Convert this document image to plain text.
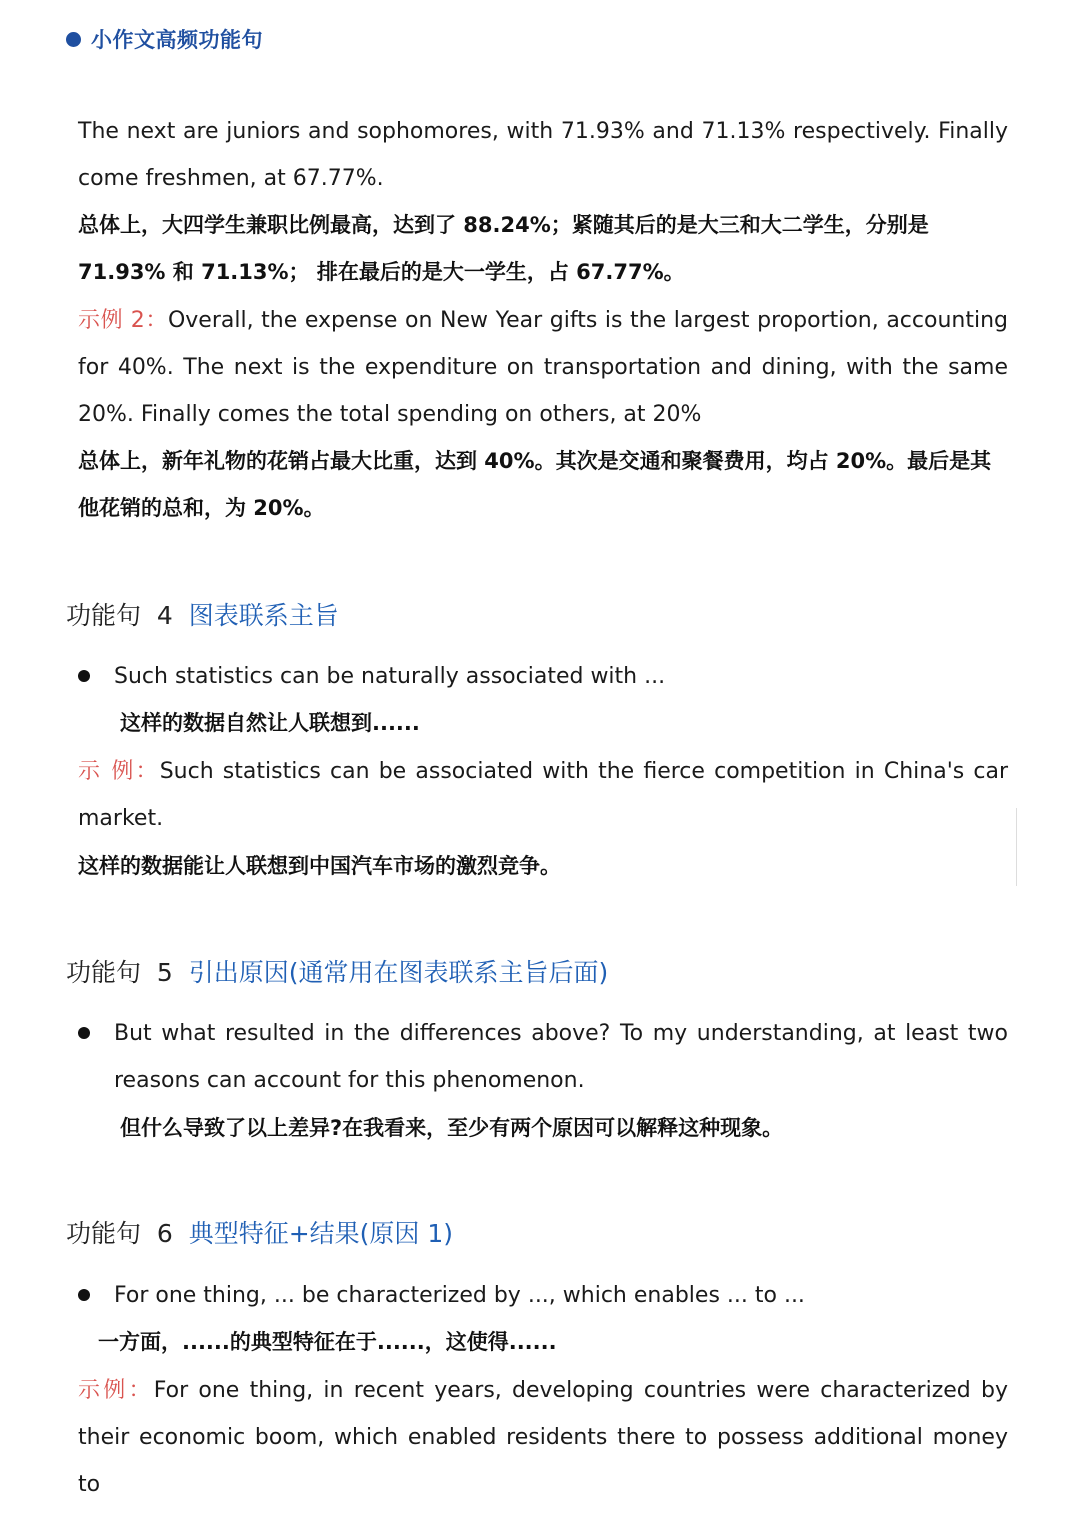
小作文高频功能句
The next are juniors and sophomores, with 71.93% and 71.13% respectively. Finally come freshmen, at 67.77%.
总体上，大四学生兼职比例最高，达到了 88.24%；紧随其后的是大三和大二学生，分别是 71.93% 和 71.13%； 排在最后的是大一学生，占 67.77%。
示例 2：Overall, the expense on New Year gifts is the largest proportion, accounting for 40%. The next is the expenditure on transportation and dining, with the same 20%. Finally comes the total spending on others, at 20%
总体上，新年礼物的花销占最大比重，达到 40%。其次是交通和聚餐费用，均占 20%。最后是其他花销的总和，为 20%。
功能句 4 图表联系主旨
Such statistics can be naturally associated with ...
这样的数据自然让人联想到......
示 例：Such statistics can be associated with the fierce competition in China's car market.
这样的数据能让人联想到中国汽车市场的激烈竞争。
功能句 5 引出原因(通常用在图表联系主旨后面)
But what resulted in the differences above? To my understanding, at least two reasons can account for this phenomenon.
但什么导致了以上差异?在我看来，至少有两个原因可以解释这种现象。
功能句 6 典型特征+结果(原因 1)
For one thing, ... be characterized by ..., which enables ... to ...
一方面，......的典型特征在于......，这使得......
示例：For one thing, in recent years, developing countries were characterized by their economic boom, which enabled residents there to possess additional money to
